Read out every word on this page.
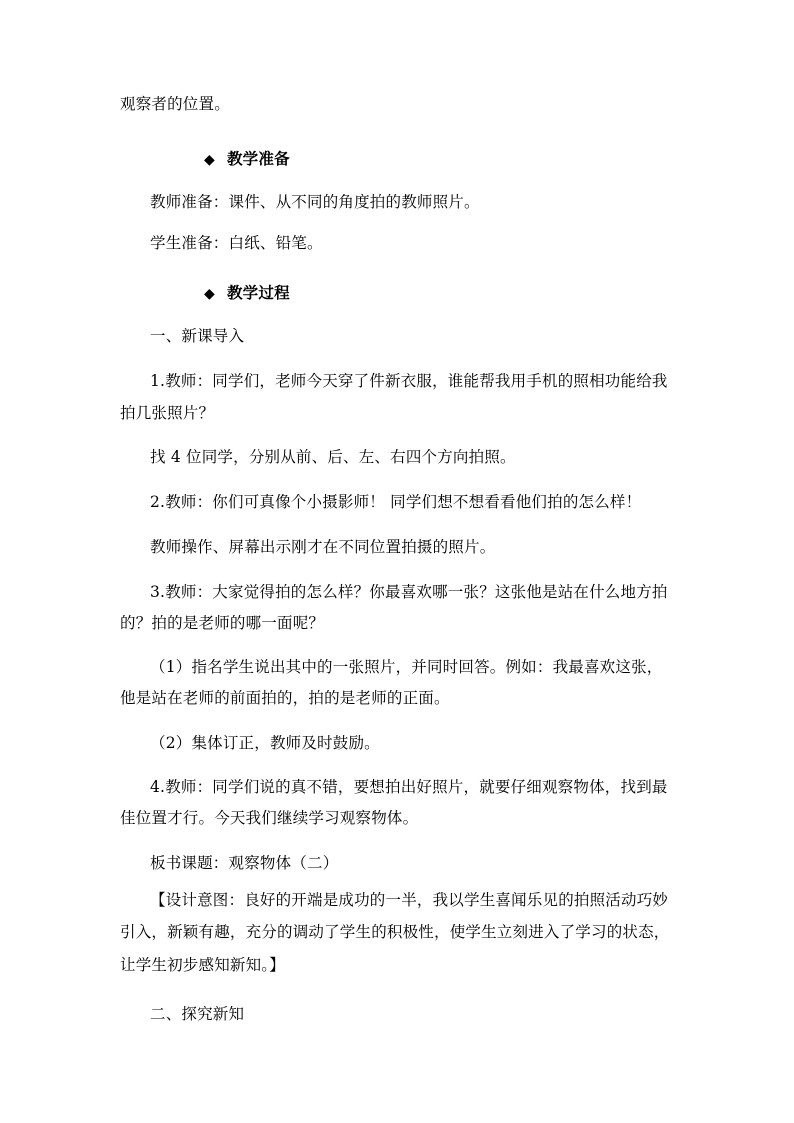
观察者的位置。
◆ 教学准备
教师准备：课件、从不同的角度拍的教师照片。
学生准备：白纸、铅笔。
◆ 教学过程
一、新课导入
1.教师：同学们，老师今天穿了件新衣服，谁能帮我用手机的照相功能给我
拍几张照片？
找 4 位同学，分别从前、后、左、右四个方向拍照。
2.教师：你们可真像个小摄影师！ 同学们想不想看看他们拍的怎么样！
教师操作、屏幕出示刚才在不同位置拍摄的照片。
3.教师：大家觉得拍的怎么样？你最喜欢哪一张？这张他是站在什么地方拍
的？拍的是老师的哪一面呢？
（1）指名学生说出其中的一张照片，并同时回答。例如：我最喜欢这张，
他是站在老师的前面拍的，拍的是老师的正面。
（2）集体订正，教师及时鼓励。
4.教师：同学们说的真不错，要想拍出好照片，就要仔细观察物体，找到最
佳位置才行。今天我们继续学习观察物体。
板书课题：观察物体（二）
【设计意图：良好的开端是成功的一半，我以学生喜闻乐见的拍照活动巧妙
引入，新颖有趣，充分的调动了学生的积极性，使学生立刻进入了学习的状态，
让学生初步感知新知。】
二、探究新知
